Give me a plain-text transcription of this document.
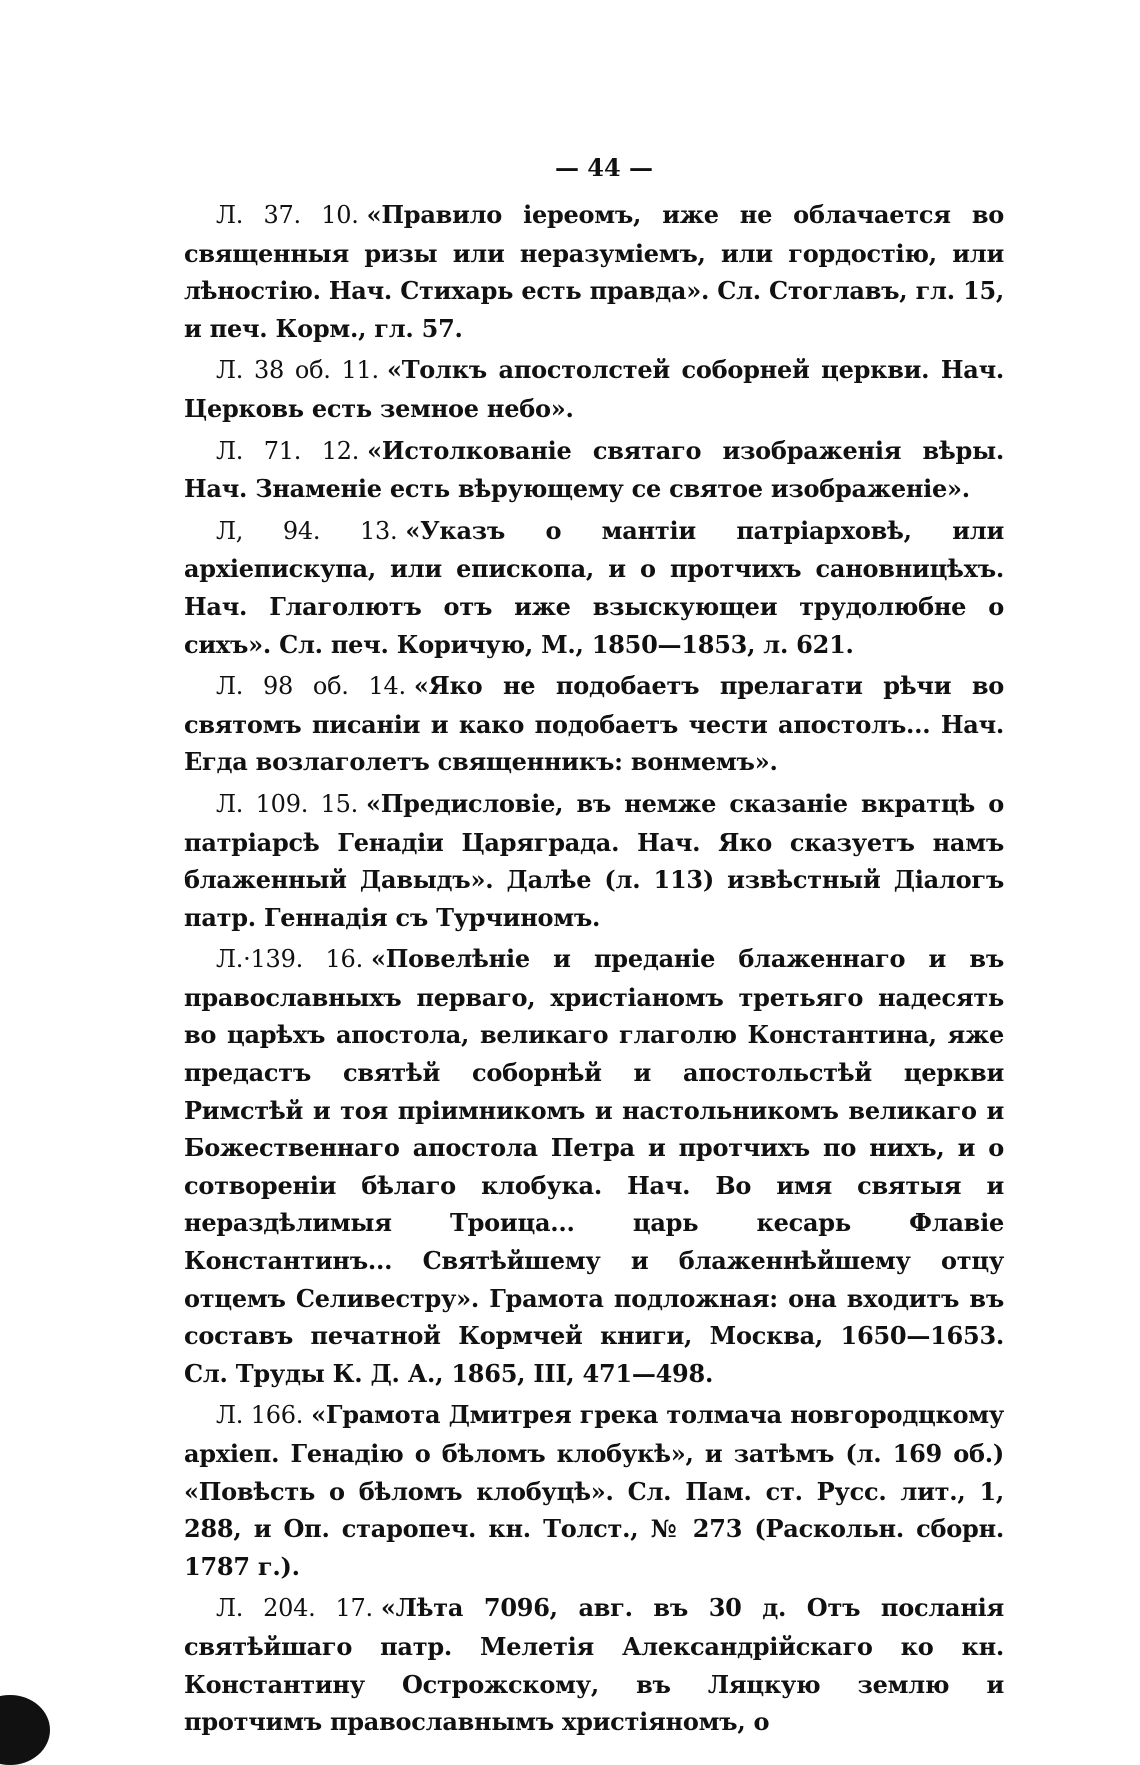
— 44 —

Л. 37. 10. «Правило iереомъ, иже не облачается во священныя ризы или неразумiемъ, или гордостiю, или лѣностiю. Нач. Стихарь есть правда». Сл. Стоглавъ, гл. 15, и печ. Корм., гл. 57.

Л. 38 об. 11. «Толкъ апостолстей соборней церкви. Нач. Церковь есть земное небо».

Л. 71. 12. «Истолкованiе святаго изображенiя вѣры. Нач. Знаменiе есть вѣрующему се святое изображенiе».

Л, 94. 13. «Указъ о мантiи патрiарховѣ, или архiепискупа, или епископа, и о протчихъ сановницѣхъ. Нач. Глаголютъ отъ иже взыскующеи трудолюбне о сихъ». Сл. печ. Коричую, М., 1850—1853, л. 621.

Л. 98 об. 14. «Яко не подобаетъ прелагати рѣчи во святомъ писанiи и како подобаетъ чести апостолъ... Нач. Егда возлаголетъ священникъ: вонмемъ».

Л. 109. 15. «Предисловiе, въ немже сказанiе вкратцѣ о патрiарсѣ Генадiи Царяграда. Нач. Яко сказуетъ намъ блаженный Давыдъ». Далѣе (л. 113) извѣстный Дiалогъ патр. Геннадiя съ Турчиномъ.

Л.·139. 16. «Повелѣнiе и преданiе блаженнаго и въ православныхъ перваго, христiаномъ третьяго надесять во царѣхъ апостола, великаго глаголю Константина, яже предастъ святѣй соборнѣй и апостольстѣй церкви Римстѣй и тоя прiимникомъ и настольникомъ великаго и Божественнаго апостола Петра и протчихъ по нихъ, и о сотворенiи бѣлаго клобука. Нач. Во имя святыя и нераздѣлимыя Троица... царь кесарь Флавiе Константинъ... Святѣйшему и блаженнѣйшему отцу отцемъ Селивестру». Грамота подложная: она входитъ въ составъ печатной Кормчей книги, Москва, 1650—1653. Сл. Труды К. Д. А., 1865, III, 471—498.

Л. 166. «Грамота Дмитрея грека толмача новгородцкому архiеп. Генадiю о бѣломъ клобукѣ», и затѣмъ (л. 169 об.) «Повѣсть о бѣломъ клобуцѣ». Сл. Пам. ст. Русс. лит., 1, 288, и Оп. старопеч. кн. Толст., № 273 (Раскольн. сборн. 1787 г.).

Л. 204. 17. «Лѣта 7096, авг. въ 30 д. Отъ посланiя святѣйшаго патр. Мелетiя Александрiйскаго ко кн. Константину Острожскому, въ Ляцкую землю и протчимъ православнымъ христiяномъ, о
